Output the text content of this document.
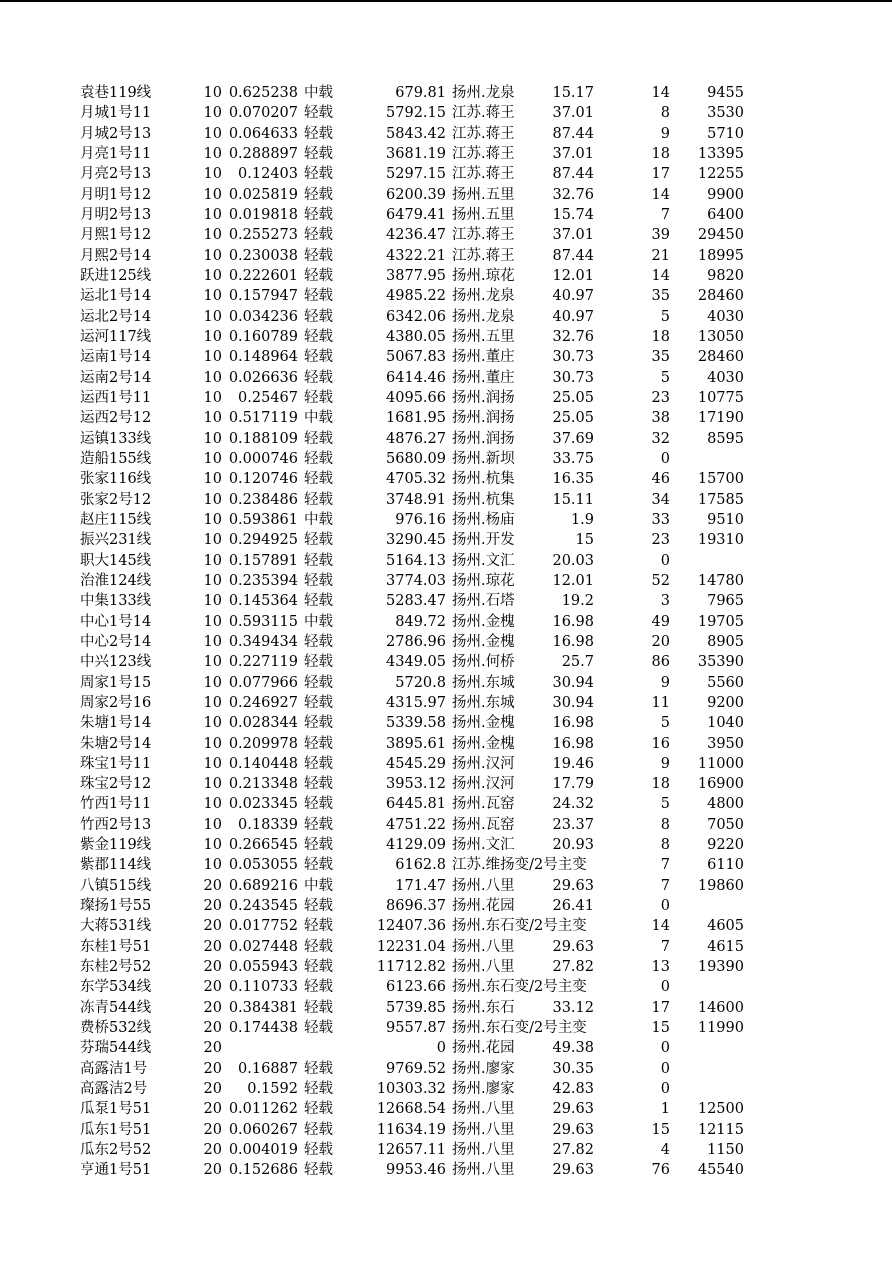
袁巷119线	10 0.625238 中载	679.81 扬州.龙泉	15.17	14	9455
月城1号11	10 0.070207 轻载	5792.15 江苏.蒋王	37.01	8	3530
月城2号13	10 0.064633 轻载	5843.42 江苏.蒋王	87.44	9	5710
月亮1号11	10 0.288897 轻载	3681.19 江苏.蒋王	37.01	18	13395
月亮2号13	10	0.12403 轻载	5297.15 江苏.蒋王	87.44	17	12255
月明1号12	10 0.025819 轻载	6200.39 扬州.五里	32.76	14	9900
月明2号13	10 0.019818 轻载	6479.41 扬州.五里	15.74	7	6400
月熙1号12	10 0.255273 轻载	4236.47 江苏.蒋王	37.01	39	29450
月熙2号14	10 0.230038 轻载	4322.21 江苏.蒋王	87.44	21	18995
跃进125线	10 0.222601 轻载	3877.95 扬州.琼花	12.01	14	9820
运北1号14	10 0.157947 轻载	4985.22 扬州.龙泉	40.97	35	28460
运北2号14	10 0.034236 轻载	6342.06 扬州.龙泉	40.97	5	4030
运河117线	10 0.160789 轻载	4380.05 扬州.五里	32.76	18	13050
运南1号14	10 0.148964 轻载	5067.83 扬州.董庄	30.73	35	28460
运南2号14	10 0.026636 轻载	6414.46 扬州.董庄	30.73	5	4030
运西1号11	10	0.25467 轻载	4095.66 扬州.润扬	25.05	23	10775
运西2号12	10 0.517119 中载	1681.95 扬州.润扬	25.05	38	17190
运镇133线	10 0.188109 轻载	4876.27 扬州.润扬	37.69	32	8595
造船155线	10 0.000746 轻载	5680.09 扬州.新坝	33.75	0
张家116线	10 0.120746 轻载	4705.32 扬州.杭集	16.35	46	15700
张家2号12	10 0.238486 轻载	3748.91 扬州.杭集	15.11	34	17585
赵庄115线	10 0.593861 中载	976.16 扬州.杨庙	1.9	33	9510
振兴231线	10 0.294925 轻载	3290.45 扬州.开发	15	23	19310
职大145线	10 0.157891 轻载	5164.13 扬州.文汇	20.03	0
治淮124线	10 0.235394 轻载	3774.03 扬州.琼花	12.01	52	14780
中集133线	10 0.145364 轻载	5283.47 扬州.石塔	19.2	3	7965
中心1号14	10 0.593115 中载	849.72 扬州.金槐	16.98	49	19705
中心2号14	10 0.349434 轻载	2786.96 扬州.金槐	16.98	20	8905
中兴123线	10 0.227119 轻载	4349.05 扬州.何桥	25.7	86	35390
周家1号15	10 0.077966 轻载	5720.8 扬州.东城	30.94	9	5560
周家2号16	10 0.246927 轻载	4315.97 扬州.东城	30.94	11	9200
朱塘1号14	10 0.028344 轻载	5339.58 扬州.金槐	16.98	5	1040
朱塘2号14	10 0.209978 轻载	3895.61 扬州.金槐	16.98	16	3950
珠宝1号11	10 0.140448 轻载	4545.29 扬州.汉河	19.46	9	11000
珠宝2号12	10 0.213348 轻载	3953.12 扬州.汉河	17.79	18	16900
竹西1号11	10 0.023345 轻载	6445.81 扬州.瓦窑	24.32	5	4800
竹西2号13	10	0.18339 轻载	4751.22 扬州.瓦窑	23.37	8	7050
紫金119线	10 0.266545 轻载	4129.09 扬州.文汇	20.93	8	9220
紫郡114线	10 0.053055 轻载	6162.8 江苏.维扬变/2号主变	7	6110
八镇515线	20 0.689216 中载	171.47 扬州.八里	29.63	7	19860
璨扬1号55	20 0.243545 轻载	8696.37 扬州.花园	26.41	0
大蒋531线	20 0.017752 轻载	12407.36 扬州.东石变/2号主变	14	4605
东桂1号51	20 0.027448 轻载	12231.04 扬州.八里	29.63	7	4615
东桂2号52	20 0.055943 轻载	11712.82 扬州.八里	27.82	13	19390
东学534线	20 0.110733 轻载	6123.66 扬州.东石变/2号主变	0
冻青544线	20 0.384381 轻载	5739.85 扬州.东石	33.12	17	14600
费桥532线	20 0.174438 轻载	9557.87 扬州.东石变/2号主变	15	11990
芬瑞544线	20	0 扬州.花园	49.38	0
高露洁1号	20	0.16887 轻载	9769.52 扬州.廖家	30.35	0
高露洁2号	20	0.1592 轻载	10303.32 扬州.廖家	42.83	0
瓜泵1号51	20 0.011262 轻载	12668.54 扬州.八里	29.63	1	12500
瓜东1号51	20 0.060267 轻载	11634.19 扬州.八里	29.63	15	12115
瓜东2号52	20 0.004019 轻载	12657.11 扬州.八里	27.82	4	1150
亨通1号51	20 0.152686 轻载	9953.46 扬州.八里	29.63	76	45540
